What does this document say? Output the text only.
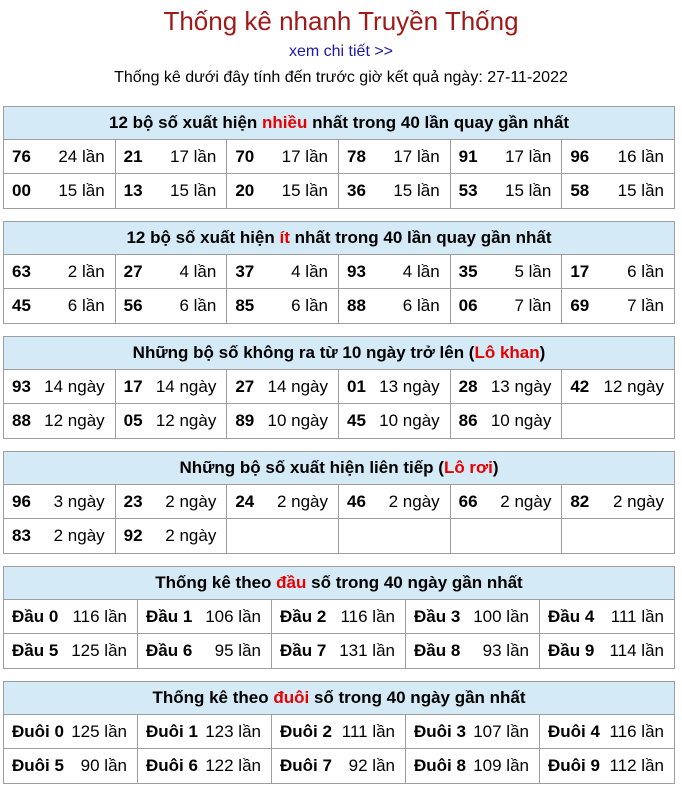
Thống kê nhanh Truyền Thống
xem chi tiết >>
Thống kê dưới đây tính đến trước giờ kết quả ngày: 27-11-2022
12 bộ số xuất hiện nhiều nhất trong 40 lần quay gần nhất
76 24 lần 21 17 lần 70 17 lần 78 17 lần 91 17 lần 96 16 lần
00 15 lần 13 15 lần 20 15 lần 36 15 lần 53 15 lần 58 15 lần
12 bộ số xuất hiện ít nhất trong 40 lần quay gần nhất
63 2 lần 27 4 lần 37 4 lần 93 4 lần 35 5 lần 17 6 lần
45 6 lần 56 6 lần 85 6 lần 88 6 lần 06 7 lần 69 7 lần
Những bộ số không ra từ 10 ngày trở lên (Lô khan)
93 14 ngày 17 14 ngày 27 14 ngày 01 13 ngày 28 13 ngày 42 12 ngày
88 12 ngày 05 12 ngày 89 10 ngày 45 10 ngày 86 10 ngày
Những bộ số xuất hiện liên tiếp (Lô rơi)
96 3 ngày 23 2 ngày 24 2 ngày 46 2 ngày 66 2 ngày 82 2 ngày
83 2 ngày 92 2 ngày
Thống kê theo đầu số trong 40 ngày gần nhất
Đầu 0 116 lần Đầu 1 106 lần Đầu 2 116 lần Đầu 3 100 lần Đầu 4 111 lần
Đầu 5 125 lần Đầu 6 95 lần Đầu 7 131 lần Đầu 8 93 lần Đầu 9 114 lần
Thống kê theo đuôi số trong 40 ngày gần nhất
Đuôi 0 125 lần Đuôi 1 123 lần Đuôi 2 111 lần Đuôi 3 107 lần Đuôi 4 116 lần
Đuôi 5 90 lần Đuôi 6 122 lần Đuôi 7 92 lần Đuôi 8 109 lần Đuôi 9 112 lần
